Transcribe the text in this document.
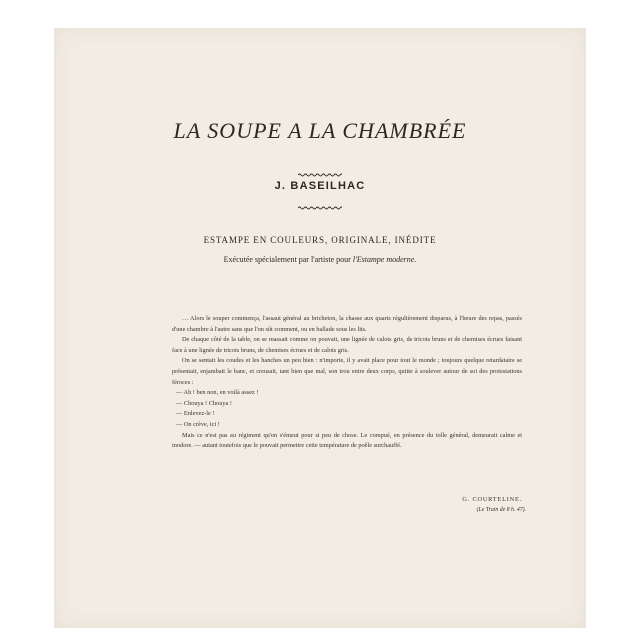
LA SOUPE A LA CHAMBRÉE
J. BASEILHAC
ESTAMPE EN COULEURS, ORIGINALE, INÉDITE
Exécutée spécialement par l'artiste pour l'Estampe moderne.

… Alors le souper commença, l'assaut général au bricheton, la chasse aux quarts régulièrement disparus, à l'heure des repas, passés d'une chambre à l'autre sans que l'on sût comment, ou en ballade sous les lits.

De chaque côté de la table, on se massait comme on pouvait, une lignée de calots gris, de tricots bruns et de chemises écrues faisant face à une lignée de tricots bruns, de chemises écrues et de calots gris.

On se sentait les coudes et les hanches un peu bien : n'importe, il y avait place pour tout le monde ; toujours quelque retardataire se présentait, enjambait le banc, et creusait, tant bien que mal, son trou entre deux corps, quitte à soulever autour de soi des protestations féroces :

— Ah ! ben non, en voilà assez !

— Chouya ! Chouya !

— Enlevez-le !

— On crève, ici !

Mais ce n'est pas au régiment qu'on s'émeut pour si peu de chose. Le compué, en présence du tolle général, demeurait calme et inodore. — autant toutefois que le pouvait permettre cette température de poêle surchauffé.

G. COURTELINE.
(Le Train de 8 h. 47).
